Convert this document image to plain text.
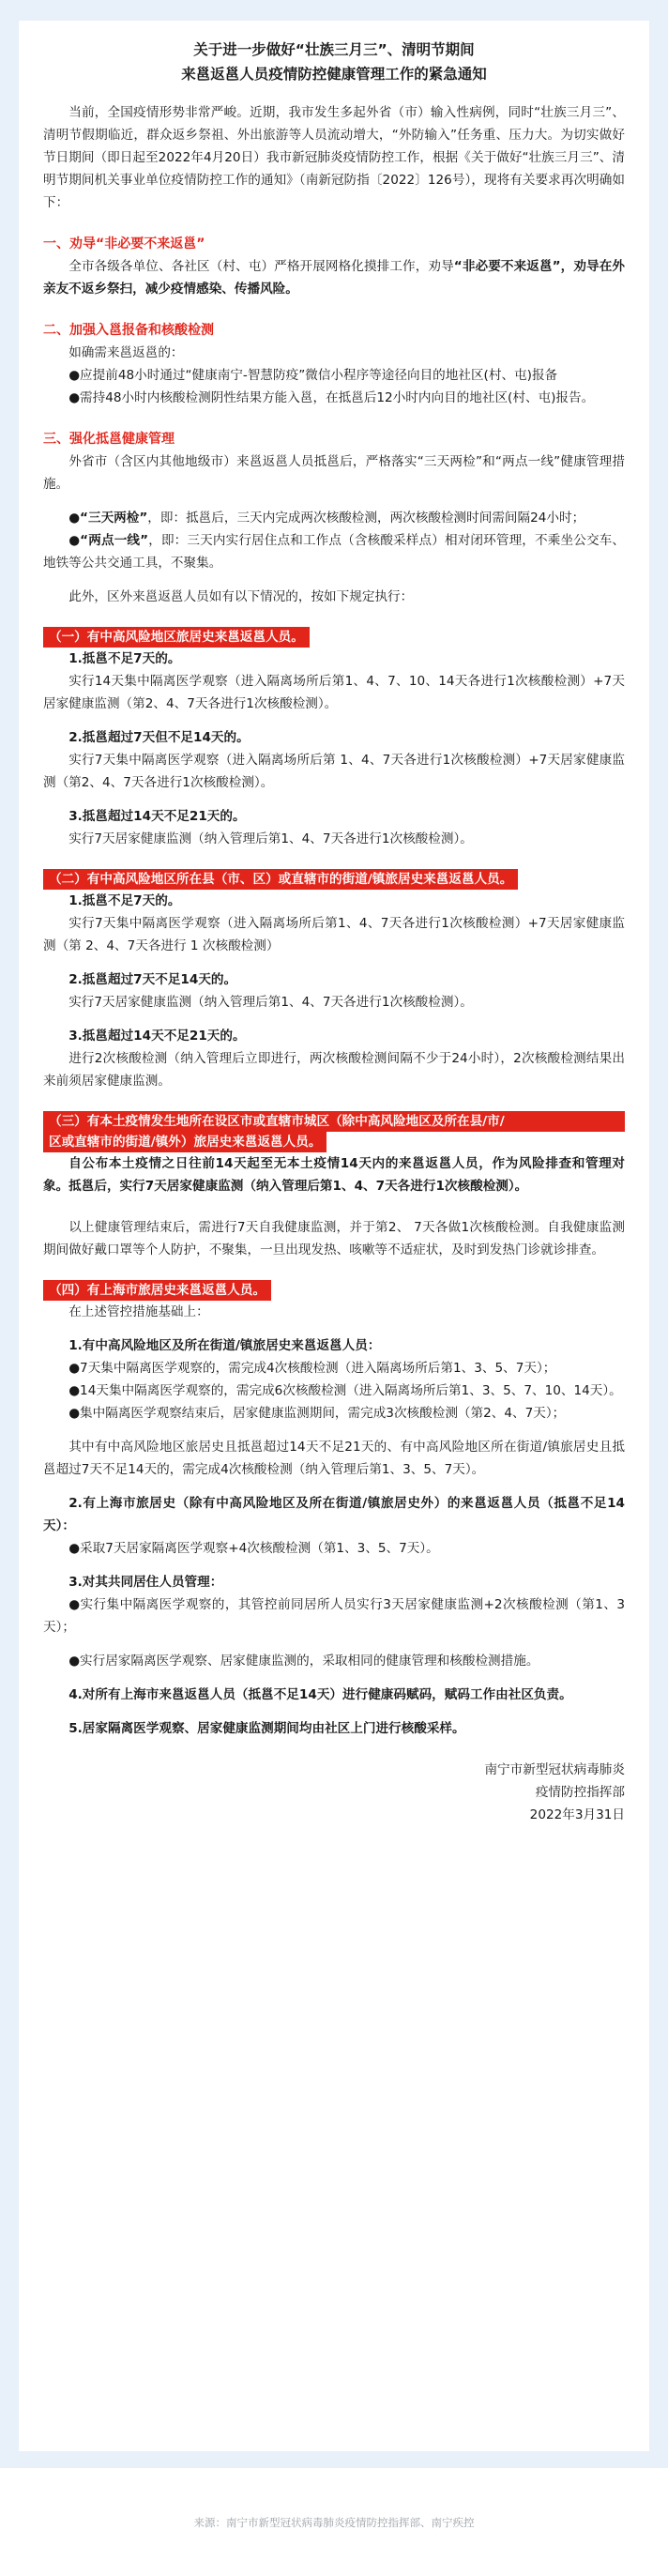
关于进一步做好“壮族三月三”、清明节期间
来邕返邕人员疫情防控健康管理工作的紧急通知

当前，全国疫情形势非常严峻。近期，我市发生多起外省（市）输入性病例，同时“壮族三月三”、清明节假期临近，群众返乡祭祖、外出旅游等人员流动增大，“外防输入”任务重、压力大。为切实做好节日期间（即日起至2022年4月20日）我市新冠肺炎疫情防控工作，根据《关于做好“壮族三月三”、清明节期间机关事业单位疫情防控工作的通知》（南新冠防指〔2022〕126号），现将有关要求再次明确如下：

一、劝导“非必要不来返邕”

全市各级各单位、各社区（村、屯）严格开展网格化摸排工作，劝导“非必要不来返邕”，劝导在外亲友不返乡祭扫，减少疫情感染、传播风险。

二、加强入邕报备和核酸检测

如确需来邕返邕的：

●应提前48小时通过“健康南宁-智慧防疫”微信小程序等途径向目的地社区(村、屯)报备

●需持48小时内核酸检测阴性结果方能入邕，在抵邕后12小时内向目的地社区(村、屯)报告。

三、强化抵邕健康管理

外省市（含区内其他地级市）来邕返邕人员抵邕后，严格落实“三天两检”和“两点一线”健康管理措施。

●“三天两检”，即：抵邕后，三天内完成两次核酸检测，两次核酸检测时间需间隔24小时；

●“两点一线”，即：三天内实行居住点和工作点（含核酸采样点）相对闭环管理，不乘坐公交车、地铁等公共交通工具，不聚集。

此外，区外来邕返邕人员如有以下情况的，按如下规定执行：

（一）有中高风险地区旅居史来邕返邕人员。

1.抵邕不足7天的。

实行14天集中隔离医学观察（进入隔离场所后第1、4、7、10、14天各进行1次核酸检测）+7天居家健康监测（第2、4、7天各进行1次核酸检测）。

2.抵邕超过7天但不足14天的。

实行7天集中隔离医学观察（进入隔离场所后第 1、4、7天各进行1次核酸检测）+7天居家健康监测（第2、4、7天各进行1次核酸检测）。

3.抵邕超过14天不足21天的。

实行7天居家健康监测（纳入管理后第1、4、7天各进行1次核酸检测）。

（二）有中高风险地区所在县（市、区）或直辖市的街道/镇旅居史来邕返邕人员。

1.抵邕不足7天的。

实行7天集中隔离医学观察（进入隔离场所后第1、4、7天各进行1次核酸检测）+7天居家健康监测（第 2、4、7天各进行 1 次核酸检测）

2.抵邕超过7天不足14天的。

实行7天居家健康监测（纳入管理后第1、4、7天各进行1次核酸检测）。

3.抵邕超过14天不足21天的。

进行2次核酸检测（纳入管理后立即进行，两次核酸检测间隔不少于24小时），2次核酸检测结果出来前须居家健康监测。

（三）有本土疫情发生地所在设区市或直辖市城区（除中高风险地区及所在县/市/
区或直辖市的街道/镇外）旅居史来邕返邕人员。

自公布本土疫情之日往前14天起至无本土疫情14天内的来邕返邕人员，作为风险排查和管理对象。抵邕后，实行7天居家健康监测（纳入管理后第1、4、7天各进行1次核酸检测）。

以上健康管理结束后，需进行7天自我健康监测，并于第2、 7天各做1次核酸检测。自我健康监测期间做好戴口罩等个人防护，不聚集，一旦出现发热、咳嗽等不适症状，及时到发热门诊就诊排查。

（四）有上海市旅居史来邕返邕人员。

在上述管控措施基础上：

1.有中高风险地区及所在街道/镇旅居史来邕返邕人员：

●7天集中隔离医学观察的，需完成4次核酸检测（进入隔离场所后第1、3、5、7天）；

●14天集中隔离医学观察的，需完成6次核酸检测（进入隔离场所后第1、3、5、7、10、14天）。

●集中隔离医学观察结束后，居家健康监测期间，需完成3次核酸检测（第2、4、7天）；

其中有中高风险地区旅居史且抵邕超过14天不足21天的、有中高风险地区所在街道/镇旅居史且抵邕超过7天不足14天的，需完成4次核酸检测（纳入管理后第1、3、5、7天）。

2.有上海市旅居史（除有中高风险地区及所在街道/镇旅居史外）的来邕返邕人员（抵邕不足14天）：

●采取7天居家隔离医学观察+4次核酸检测（第1、3、5、7天）。

3.对其共同居住人员管理：

●实行集中隔离医学观察的，其管控前同居所人员实行3天居家健康监测+2次核酸检测（第1、3天）；

●实行居家隔离医学观察、居家健康监测的，采取相同的健康管理和核酸检测措施。

4.对所有上海市来邕返邕人员（抵邕不足14天）进行健康码赋码，赋码工作由社区负责。

5.居家隔离医学观察、居家健康监测期间均由社区上门进行核酸采样。

南宁市新型冠状病毒肺炎

疫情防控指挥部

2022年3月31日

来源：南宁市新型冠状病毒肺炎疫情防控指挥部、南宁疾控
